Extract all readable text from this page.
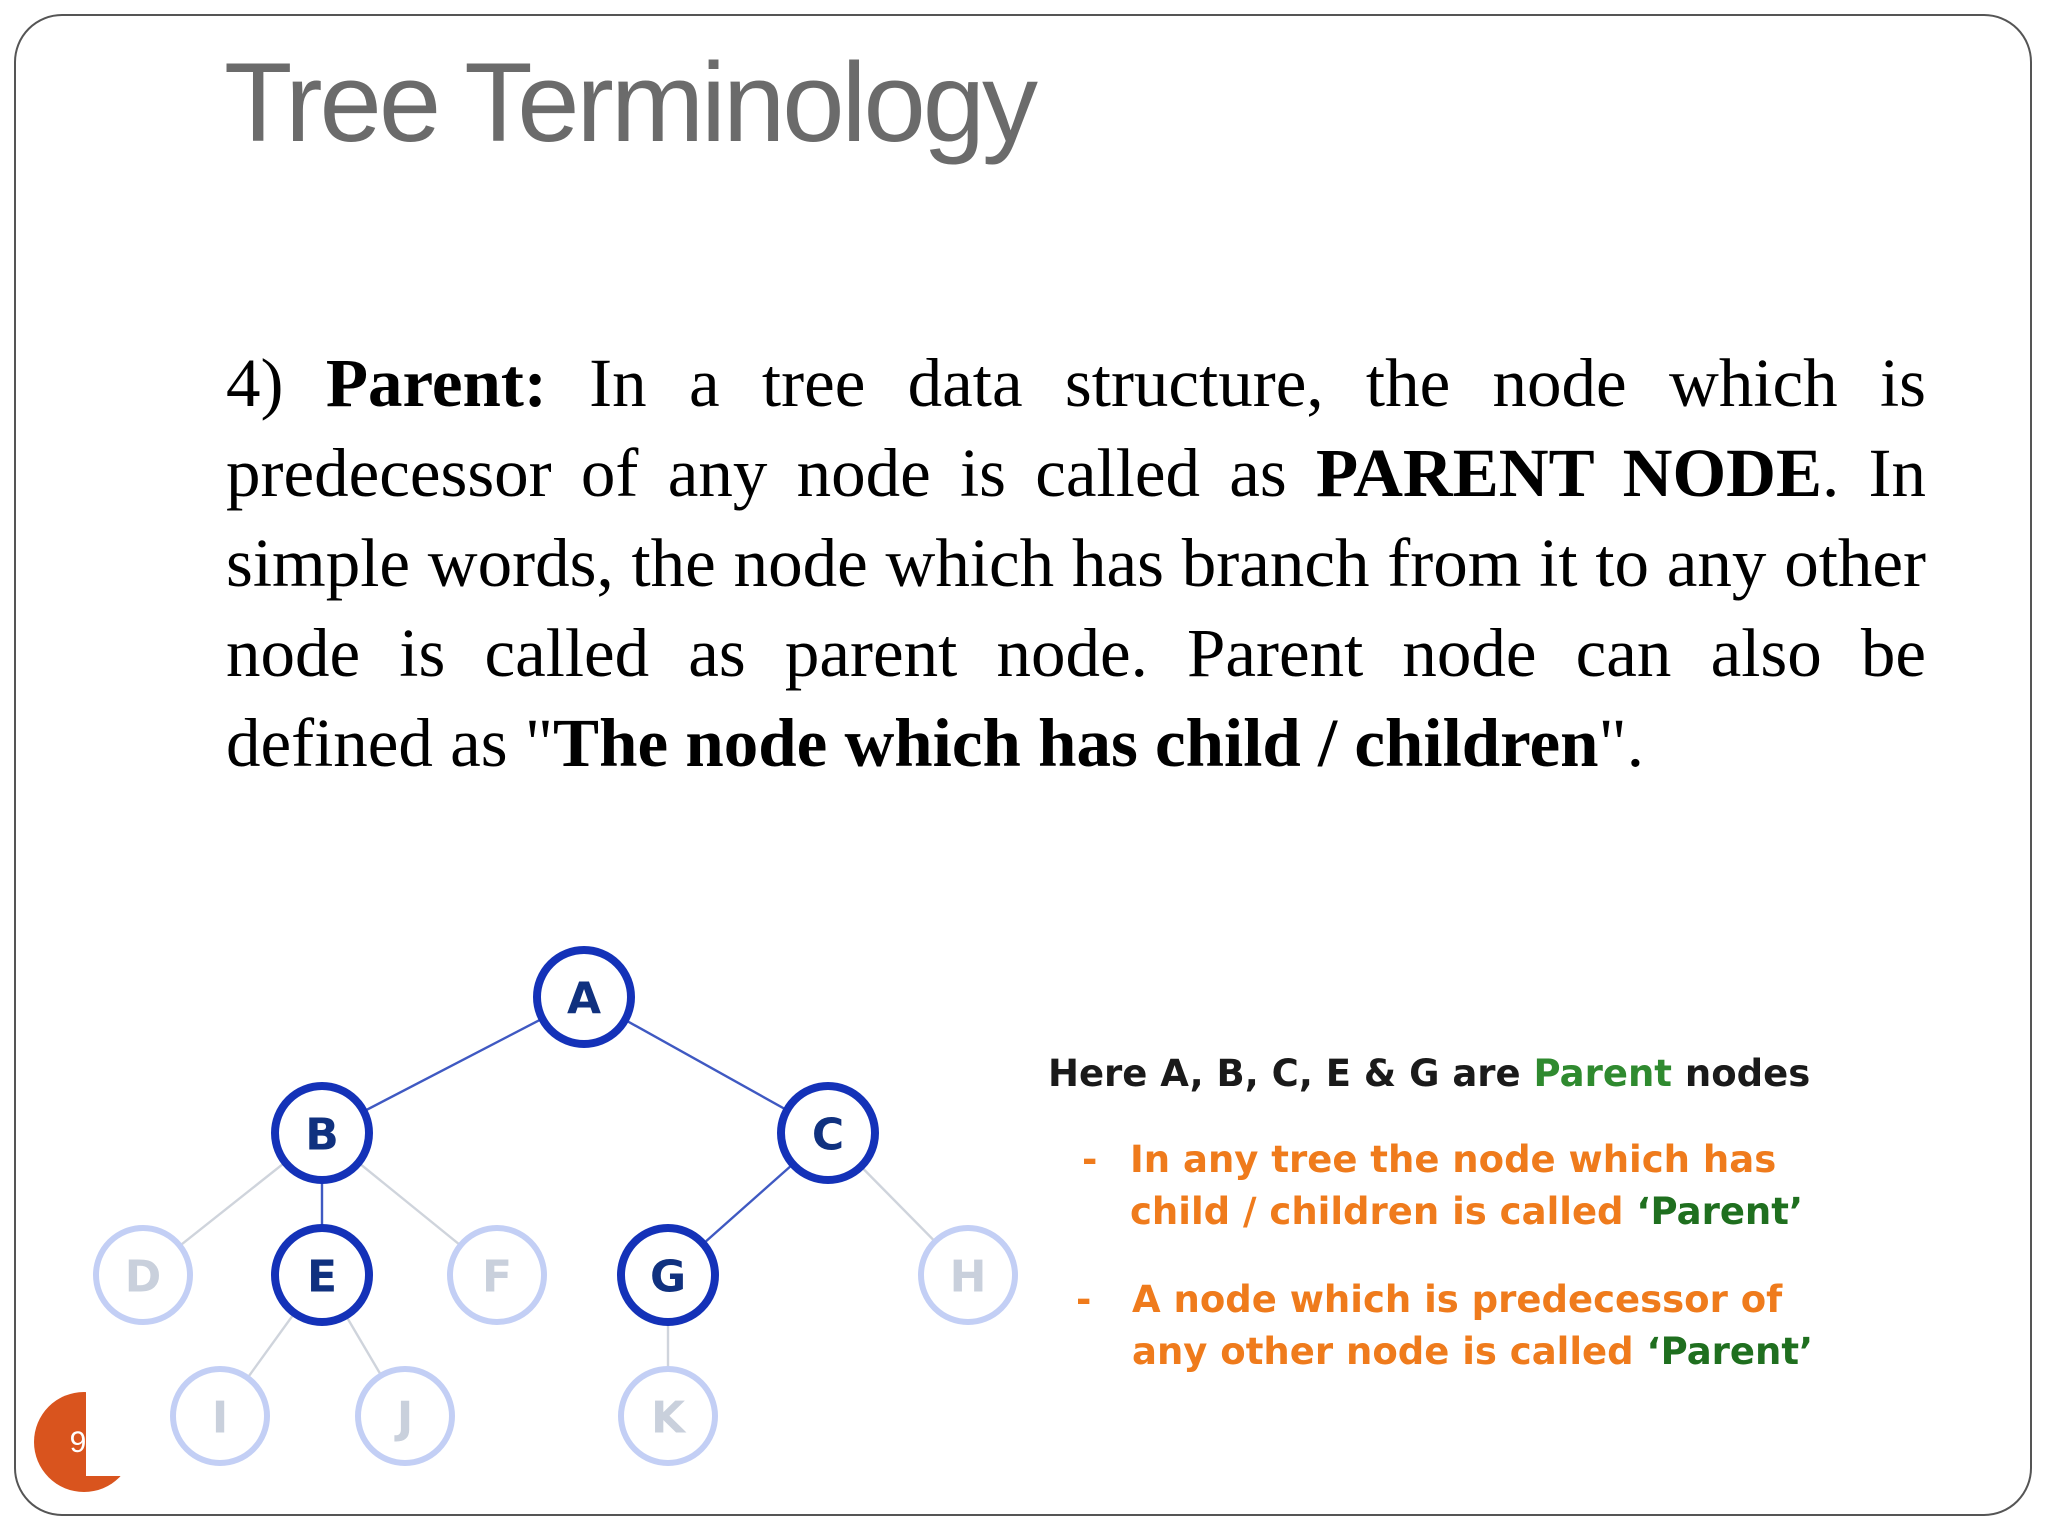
Tree Terminology

4) Parent: In a tree data structure, the node which is predecessor of any node is called as PARENT NODE. In simple words, the node which has branch from it to any other node is called as parent node. Parent node can also be defined as "The node which has child / children".

A
B	C
D	E	F	G	H
I	J	K
Here A, B, C, E & G are Parent nodes
- In any tree the node which has
child / children is called ‘Parent’
- A node which is predecessor of
any other node is called ‘Parent’
9
